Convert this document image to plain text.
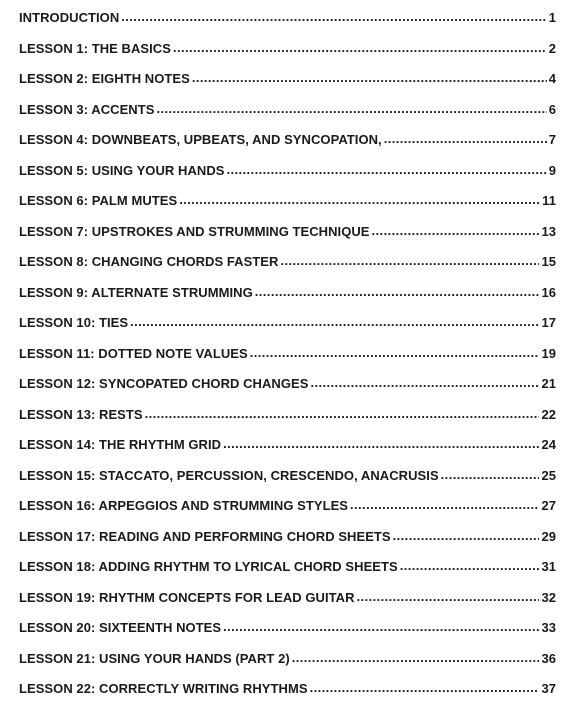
INTRODUCTION .....	1
LESSON 1: THE BASICS .....	2
LESSON 2: EIGHTH NOTES .....	4
LESSON 3: ACCENTS .....	6
LESSON 4: DOWNBEATS, UPBEATS, AND SYNCOPATION, .....	7
LESSON 5: USING YOUR HANDS .....	9
LESSON 6: PALM MUTES .....	11
LESSON 7: UPSTROKES AND STRUMMING TECHNIQUE .....	13
LESSON 8: CHANGING CHORDS FASTER .....	15
LESSON 9: ALTERNATE STRUMMING .....	16
LESSON 10: TIES .....	17
LESSON 11: DOTTED NOTE VALUES .....	19
LESSON 12: SYNCOPATED CHORD CHANGES .....	21
LESSON 13: RESTS .....	22
LESSON 14: THE RHYTHM GRID .....	24
LESSON 15: STACCATO, PERCUSSION, CRESCENDO, ANACRUSIS .....	25
LESSON 16: ARPEGGIOS AND STRUMMING STYLES .....	27
LESSON 17: READING AND PERFORMING CHORD SHEETS .....	29
LESSON 18: ADDING RHYTHM TO LYRICAL CHORD SHEETS .....	31
LESSON 19: RHYTHM CONCEPTS FOR LEAD GUITAR .....	32
LESSON 20: SIXTEENTH NOTES .....	33
LESSON 21: USING YOUR HANDS (PART 2) .....	36
LESSON 22: CORRECTLY WRITING RHYTHMS .....	37
